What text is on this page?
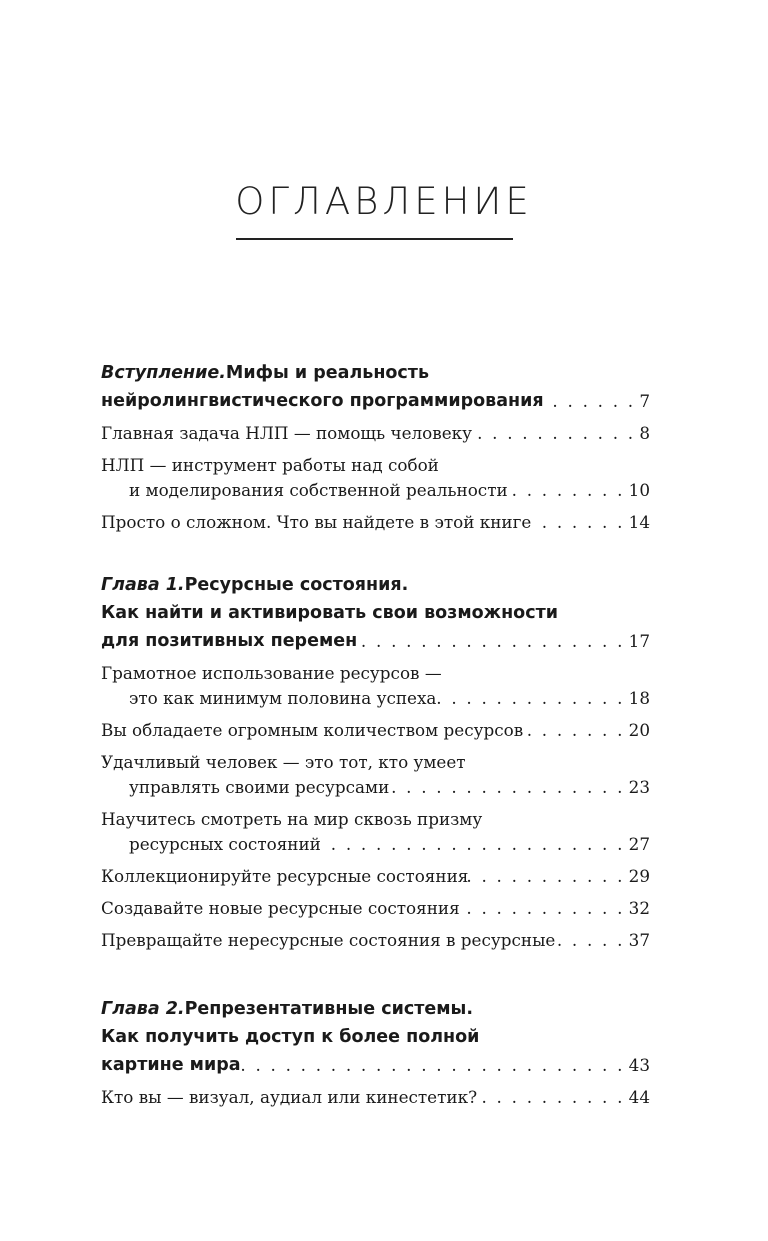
ОГЛАВЛЕНИЕ
Вступление. Мифы и реальность
нейролингвистического программирования . . .	7
Главная задача НЛП — помощь человеку . . .	8
НЛП — инструмент работы над собой
и моделирования собственной реальности . . .	10
Просто о сложном. Что вы найдете в этой книге . . .	14
Глава 1. Ресурсные состояния.
Как найти и активировать свои возможности
для позитивных перемен . . .	17
Грамотное использование ресурсов —
это как минимум половина успеха . . .	18
Вы обладаете огромным количеством ресурсов . . .	20
Удачливый человек — это тот, кто умеет
управлять своими ресурсами . . .	23
Научитесь смотреть на мир сквозь призму
ресурсных состояний . . .	27
Коллекционируйте ресурсные состояния . . .	29
Создавайте новые ресурсные состояния . . .	32
Превращайте нересурсные состояния в ресурсные . . .	37
Глава 2. Репрезентативные системы.
Как получить доступ к более полной
картине мира . . .	43
Кто вы — визуал, аудиал или кинестетик? . . .	44
